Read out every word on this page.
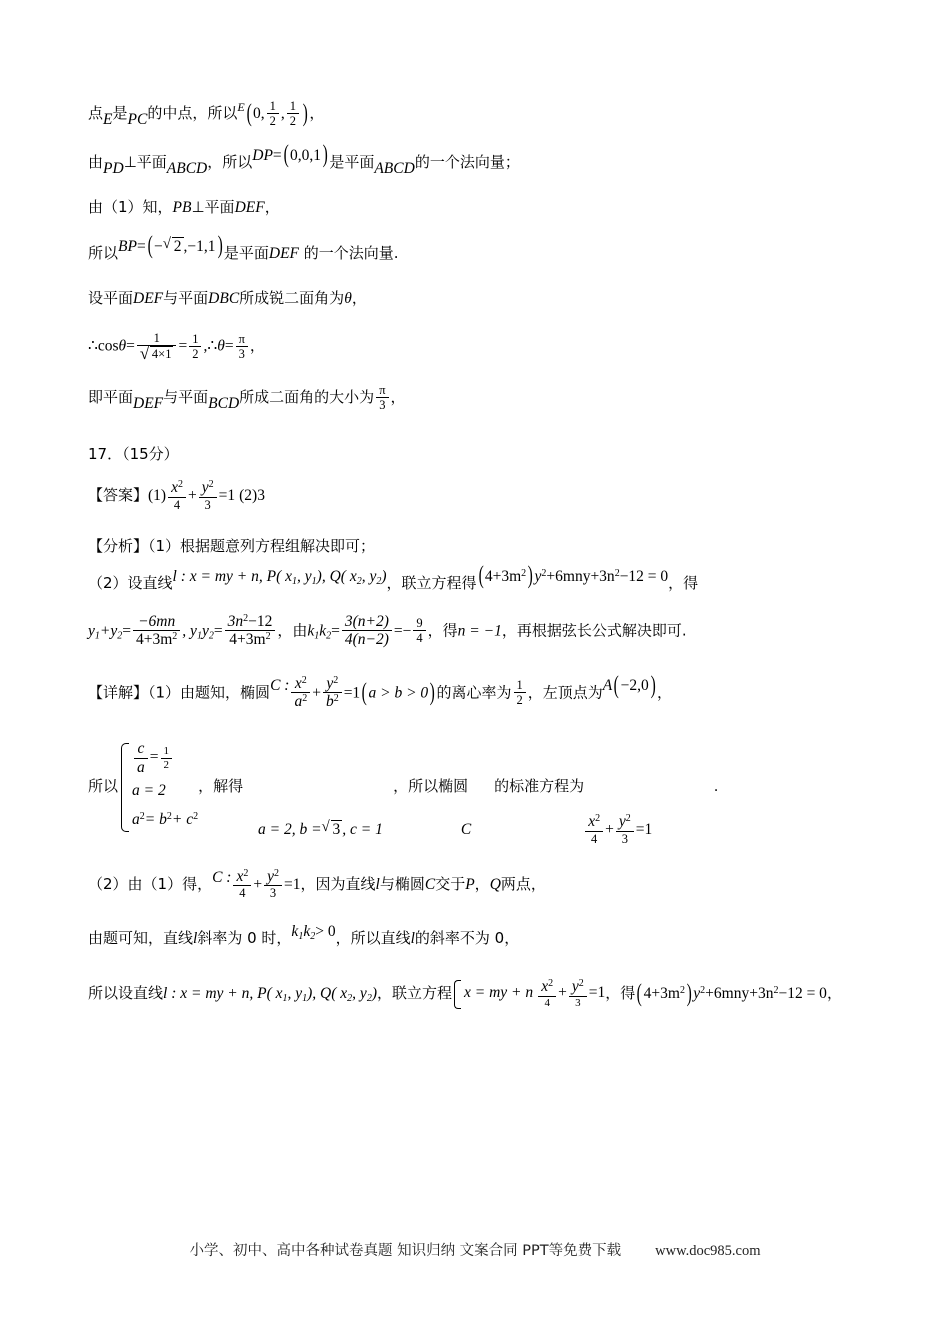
点E是PC的中点，所以$^E$( 0, $\frac{1}{2}$ , $\frac{1}{2}$ ) ，
由PD⊥平面ABCD，所以DP=( 0,0,1) 是平面ABCD的一个法向量；
由（1）知，PB⊥平面DEF，
所以BP=( − √ 2 ,−1,1) 是平面DEF 的一个法向量.
设平面DEF与平面DBC所成锐二面角为θ，
∴cosθ= 1
√ $4\times 1 = \frac{1}{2}$ ,∴θ= $\frac{\pi}{3}$ ，
即平面DEF与平面BCD所成二面角的大小为 $\frac{\pi}{3}$ ，
17．（15分）
【答案】$(1) \frac{x^2}{4} + \frac{y^2}{3} =1$ (2)3
【分析】（1）根据题意列方程组解决即可；
（2）设直线l : x = my + n, P( $x_1$, $y_1$), Q( $x_2$, $y_2$)，联立方程得( $4+3m^2$) $y^2+6mny+3n^2-12 = 0$，得
$y_1+y_2= \frac{-6mn}{4+3m^2}$ , $y_1y_2= \frac{3n^2-12}{4+3m^2}$ ，由$k_1k_2= \frac{3(n+2)}{4(n-2)} =- \frac{9}{4}$ ，得n = −1，再根据弦长公式解决即可.
【详解】（1）由题知，椭圆C : $\frac{x^2}{a^2} + \frac{y^2}{b^2} =1$( a > b > 0) 的离心率为 $\frac{1}{2}$ ，左顶点为A( −2,0) ，
所以
$\frac{c}{a} = \frac{1}{2}$
a = 2
$a^2= b^2+ c^2$
，解得	，所以椭圆 的标准方程为	.
a = 2, b = √ 3 , c = 1	C	$\frac{x^2}{4} + \frac{y^2}{3} =1$
（2）由（1）得，C : $\frac{x^2}{4} + \frac{y^2}{3} =1$，因为直线l与椭圆C交于P，Q两点，
由题可知，直线l斜率为 0 时，$k_1k_2> 0$，所以直线l的斜率不为 0，
所以设直线l : x = my + n, P( $x_1$, $y_1$), Q( $x_2$, $y_2$)，联立方程 x = my + n $\frac{x2}{4} + \frac{y2}{3} =1$，得( $4+3m^2$) $y^2+6mny+3n^2-12 = 0$，
小学、初中、高中各种试卷真题 知识归纳 文案合同 PPT等免费下载 www.doc985.com
